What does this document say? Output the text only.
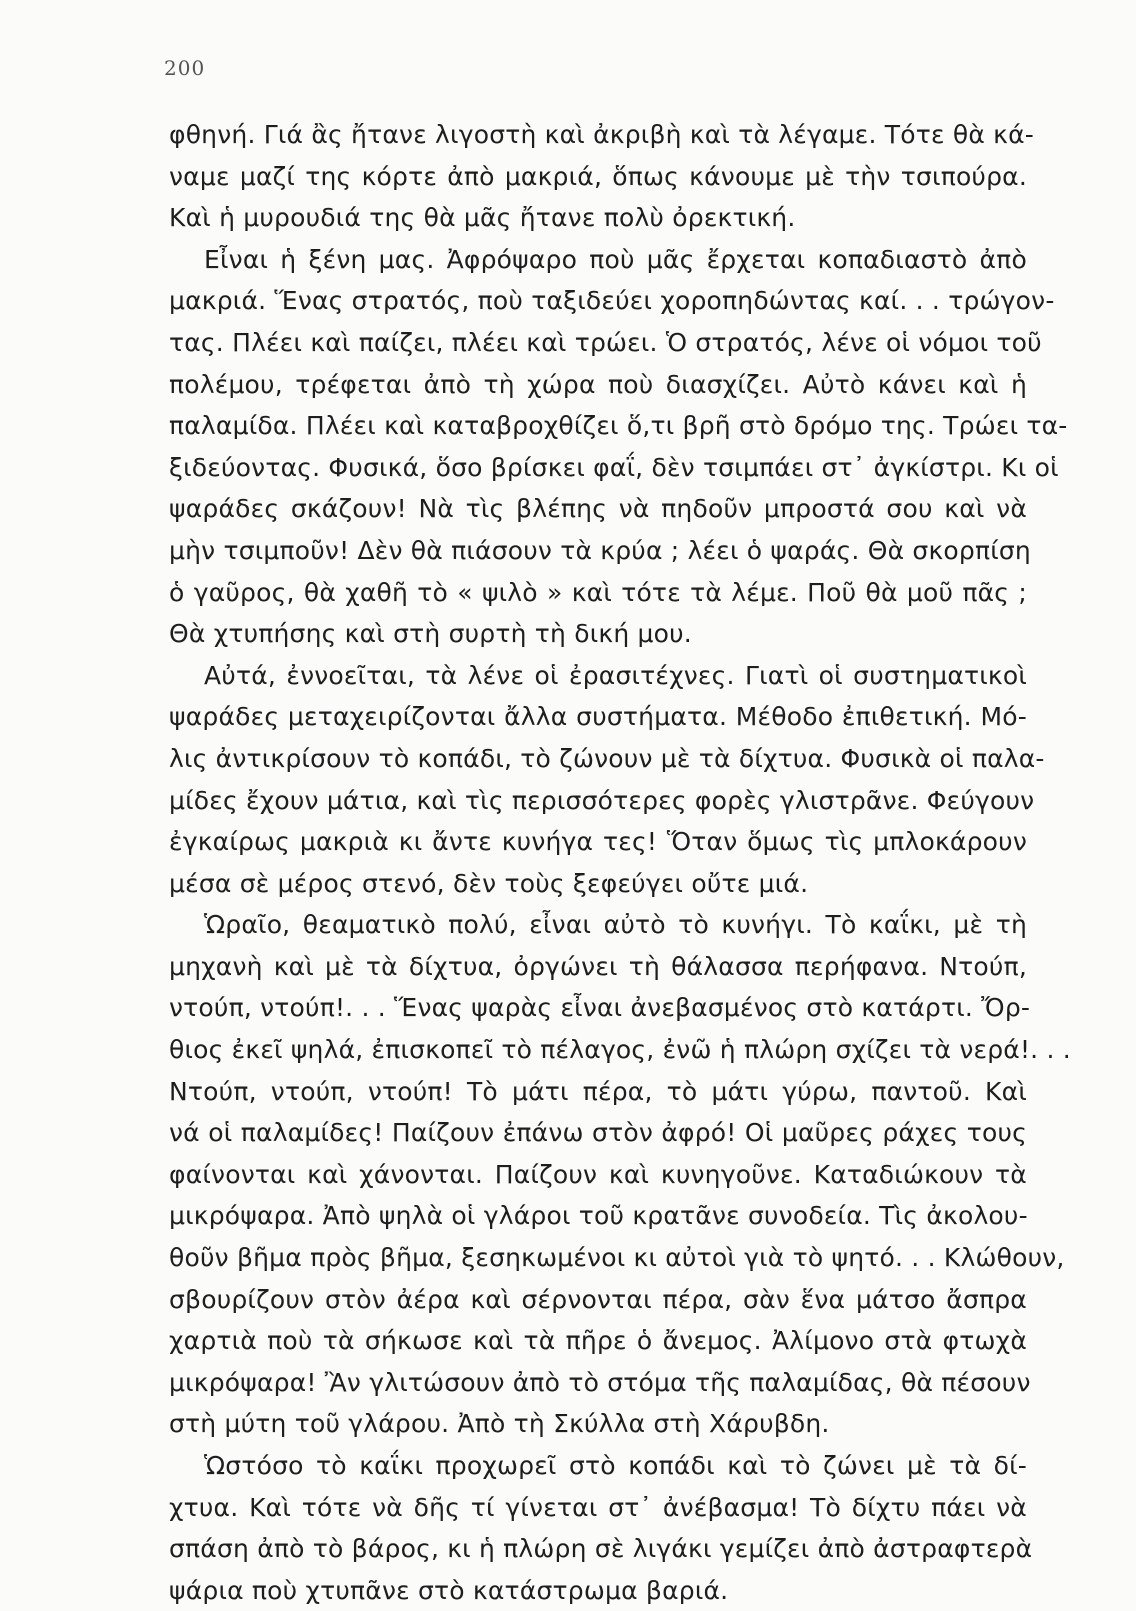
200
φθηνή. Γιά ἂς ἤτανε λιγοστὴ καὶ ἀκριβὴ καὶ τὰ λέγαμε. Τότε θὰ κά-
ναμε μαζί της κόρτε ἀπὸ μακριά, ὅπως κάνουμε μὲ τὴν τσιπούρα.
Καὶ ἡ μυρουδιά της θὰ μᾶς ἤτανε πολὺ ὀρεκτική.
Εἶναι ἡ ξένη μας. Ἀφρόψαρο ποὺ μᾶς ἔρχεται κοπαδιαστὸ ἀπὸ
μακριά. Ἕνας στρατός, ποὺ ταξιδεύει χοροπηδώντας καί. . . τρώγον-
τας. Πλέει καὶ παίζει, πλέει καὶ τρώει. Ὁ στρατός, λένε οἱ νόμοι τοῦ
πολέμου, τρέφεται ἀπὸ τὴ χώρα ποὺ διασχίζει. Αὐτὸ κάνει καὶ ἡ
παλαμίδα. Πλέει καὶ καταβροχθίζει ὅ,τι βρῆ στὸ δρόμο της. Τρώει τα-
ξιδεύοντας. Φυσικά, ὅσο βρίσκει φαΐ, δὲν τσιμπάει στ᾽ ἀγκίστρι. Κι οἱ
ψαράδες σκάζουν! Νὰ τὶς βλέπης νὰ πηδοῦν μπροστά σου καὶ νὰ
μὴν τσιμποῦν! Δὲν θὰ πιάσουν τὰ κρύα ; λέει ὁ ψαράς. Θὰ σκορπίση
ὁ γαῦρος, θὰ χαθῆ τὸ « ψιλὸ » καὶ τότε τὰ λέμε. Ποῦ θὰ μοῦ πᾶς ;
Θὰ χτυπήσης καὶ στὴ συρτὴ τὴ δική μου.
Αὐτά, ἐννοεῖται, τὰ λένε οἱ ἐρασιτέχνες. Γιατὶ οἱ συστηματικοὶ
ψαράδες μεταχειρίζονται ἄλλα συστήματα. Μέθοδο ἐπιθετική. Μό-
λις ἀντικρίσουν τὸ κοπάδι, τὸ ζώνουν μὲ τὰ δίχτυα. Φυσικὰ οἱ παλα-
μίδες ἔχουν μάτια, καὶ τὶς περισσότερες φορὲς γλιστρᾶνε. Φεύγουν
ἐγκαίρως μακριὰ κι ἄντε κυνήγα τες! Ὅταν ὅμως τὶς μπλοκάρουν
μέσα σὲ μέρος στενό, δὲν τοὺς ξεφεύγει οὔτε μιά.
Ὡραῖο, θεαματικὸ πολύ, εἶναι αὐτὸ τὸ κυνήγι. Τὸ καΐκι, μὲ τὴ
μηχανὴ καὶ μὲ τὰ δίχτυα, ὀργώνει τὴ θάλασσα περήφανα. Ντούπ,
ντούπ, ντούπ!. . . Ἕνας ψαρὰς εἶναι ἀνεβασμένος στὸ κατάρτι. Ὄρ-
θιος ἐκεῖ ψηλά, ἐπισκοπεῖ τὸ πέλαγος, ἐνῶ ἡ πλώρη σχίζει τὰ νερά!. . .
Ντούπ, ντούπ, ντούπ! Τὸ μάτι πέρα, τὸ μάτι γύρω, παντοῦ. Καὶ
νά οἱ παλαμίδες! Παίζουν ἐπάνω στὸν ἀφρό! Οἱ μαῦρες ράχες τους
φαίνονται καὶ χάνονται. Παίζουν καὶ κυνηγοῦνε. Καταδιώκουν τὰ
μικρόψαρα. Ἀπὸ ψηλὰ οἱ γλάροι τοῦ κρατᾶνε συνοδεία. Τὶς ἀκολου-
θοῦν βῆμα πρὸς βῆμα, ξεσηκωμένοι κι αὐτοὶ γιὰ τὸ ψητό. . . Κλώθουν,
σβουρίζουν στὸν ἀέρα καὶ σέρνονται πέρα, σὰν ἕνα μάτσο ἄσπρα
χαρτιὰ ποὺ τὰ σήκωσε καὶ τὰ πῆρε ὁ ἄνεμος. Ἀλίμονο στὰ φτωχὰ
μικρόψαρα! Ἂν γλιτώσουν ἀπὸ τὸ στόμα τῆς παλαμίδας, θὰ πέσουν
στὴ μύτη τοῦ γλάρου. Ἀπὸ τὴ Σκύλλα στὴ Χάρυβδη.
Ὡστόσο τὸ καΐκι προχωρεῖ στὸ κοπάδι καὶ τὸ ζώνει μὲ τὰ δί-
χτυα. Καὶ τότε νὰ δῆς τί γίνεται στ᾽ ἀνέβασμα! Τὸ δίχτυ πάει νὰ
σπάση ἀπὸ τὸ βάρος, κι ἡ πλώρη σὲ λιγάκι γεμίζει ἀπὸ ἀστραφτερὰ
ψάρια ποὺ χτυπᾶνε στὸ κατάστρωμα βαριά.
